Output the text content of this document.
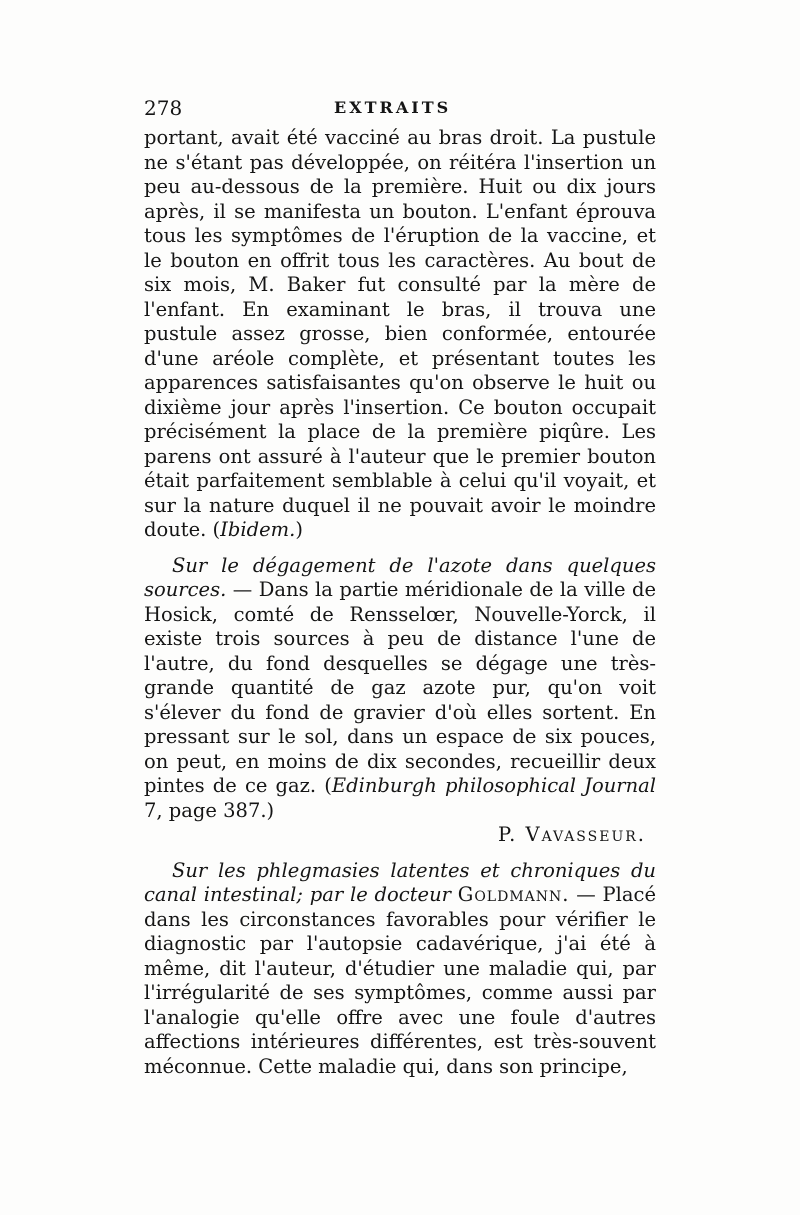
278	EXTRAITS

portant, avait été vacciné au bras droit. La pustule ne s'étant pas développée, on réitéra l'insertion un peu au-dessous de la première. Huit ou dix jours après, il se manifesta un bouton. L'enfant éprouva tous les symptômes de l'éruption de la vaccine, et le bouton en offrit tous les caractères. Au bout de six mois, M. Baker fut consulté par la mère de l'enfant. En examinant le bras, il trouva une pustule assez grosse, bien conformée, entourée d'une aréole complète, et présentant toutes les apparences satisfaisantes qu'on observe le huit ou dixième jour après l'insertion. Ce bouton occupait précisément la place de la première piqûre. Les parens ont assuré à l'auteur que le premier bouton était parfaitement semblable à celui qu'il voyait, et sur la nature duquel il ne pouvait avoir le moindre doute. (Ibidem.)

Sur le dégagement de l'azote dans quelques sources. — Dans la partie méridionale de la ville de Hosick, comté de Rensselœr, Nouvelle-Yorck, il existe trois sources à peu de distance l'une de l'autre, du fond desquelles se dégage une très-grande quantité de gaz azote pur, qu'on voit s'élever du fond de gravier d'où elles sortent. En pressant sur le sol, dans un espace de six pouces, on peut, en moins de dix secondes, recueillir deux pintes de ce gaz. (Edinburgh philosophical Journal 7, page 387.)

P. Vavasseur.

Sur les phlegmasies latentes et chroniques du canal intestinal; par le docteur Goldmann. — Placé dans les circonstances favorables pour vérifier le diagnostic par l'autopsie cadavérique, j'ai été à même, dit l'auteur, d'étudier une maladie qui, par l'irrégularité de ses symptômes, comme aussi par l'analogie qu'elle offre avec une foule d'autres affections intérieures différentes, est très-souvent méconnue. Cette maladie qui, dans son principe,
